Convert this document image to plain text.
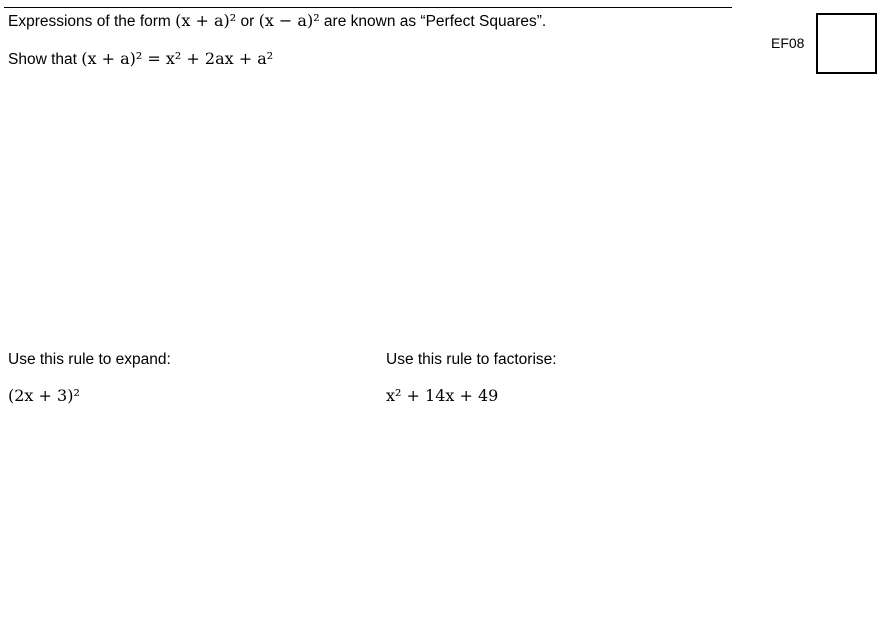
Expressions of the form (x + a)² or (x − a)² are known as “Perfect Squares”.
Show that (x + a)² = x² + 2ax + a²
EF08
Use this rule to expand:
(2x + 3)²
Use this rule to factorise:
x² + 14x + 49
